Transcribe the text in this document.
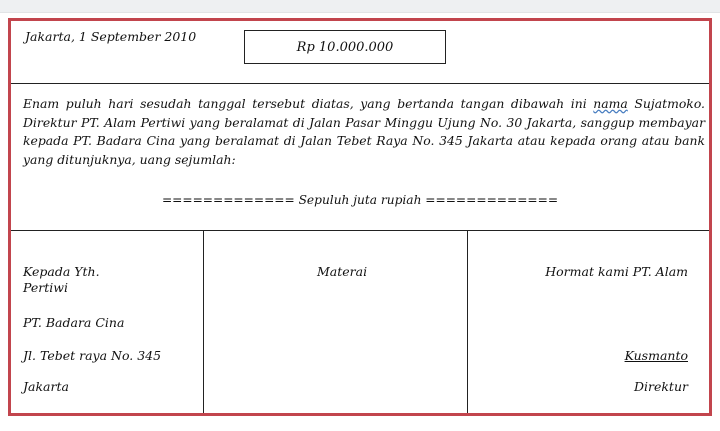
Jakarta, 1 September 2010
Rp 10.000.000
Enam puluh hari sesudah tanggal tersebut diatas, yang bertanda tangan dibawah ini nama Sujatmoko. Direktur PT. Alam Pertiwi yang beralamat di Jalan Pasar Minggu Ujung No. 30 Jakarta, sanggup membayar kepada PT. Badara Cina yang beralamat di Jalan Tebet Raya No. 345 Jakarta atau kepada orang atau bank yang ditunjuknya, uang sejumlah:
============= Sepuluh juta rupiah =============
Kepada Yth.
Pertiwi
PT. Badara Cina
Jl. Tebet raya No. 345
Jakarta
Materai	Hormat kami PT. Alam
Kusmanto
Direktur
